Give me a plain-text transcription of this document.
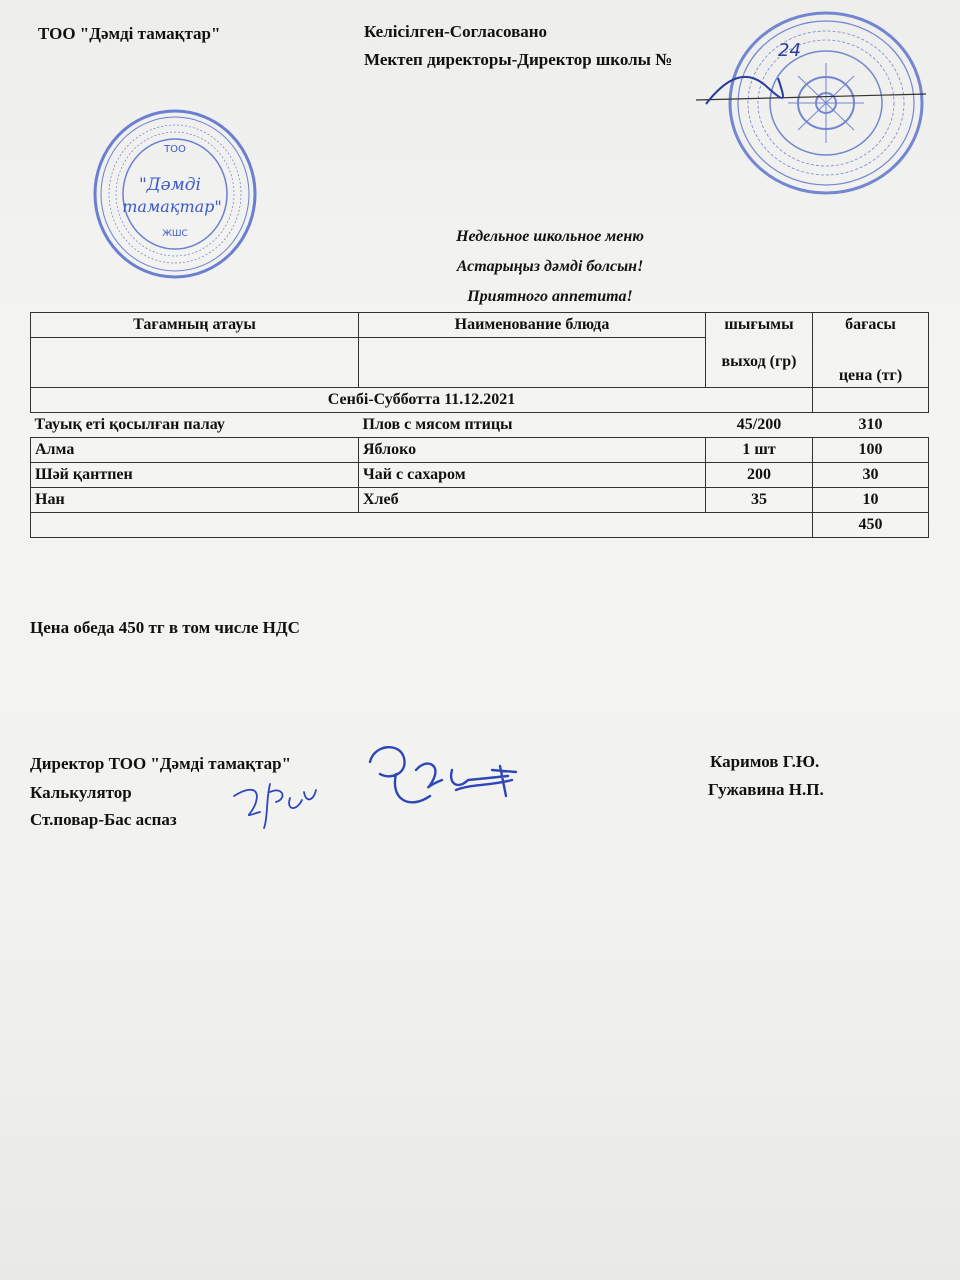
ТОО "Дәмді тамақтар"	Келісілген-Согласовано
Мектеп директоры-Директор школы №	24
ТОО
"Дәмді
тамақтар"
ЖШС	Недельное школьное меню
Астарыңыз дәмді болсын!
Приятного аппетита!
Тағамның атауы	Наименование блюда	шығымы	бағасы
		выход (гр)	цена (тг)
Сенбі-Субботта 11.12.2021			
Тауық еті қосылған палау	Плов с мясом птицы	45/200	310
Алма	Яблоко	1 шт	100
Шәй қантпен	Чай с сахаром	200	30
Нан	Хлеб	35	10
			450
Цена обеда 450 тг в том числе НДС
Директор ТОО "Дәмді тамақтар"
Калькулятор
Ст.повар-Бас аспаз
Каримов Г.Ю.
Гужавина Н.П.
